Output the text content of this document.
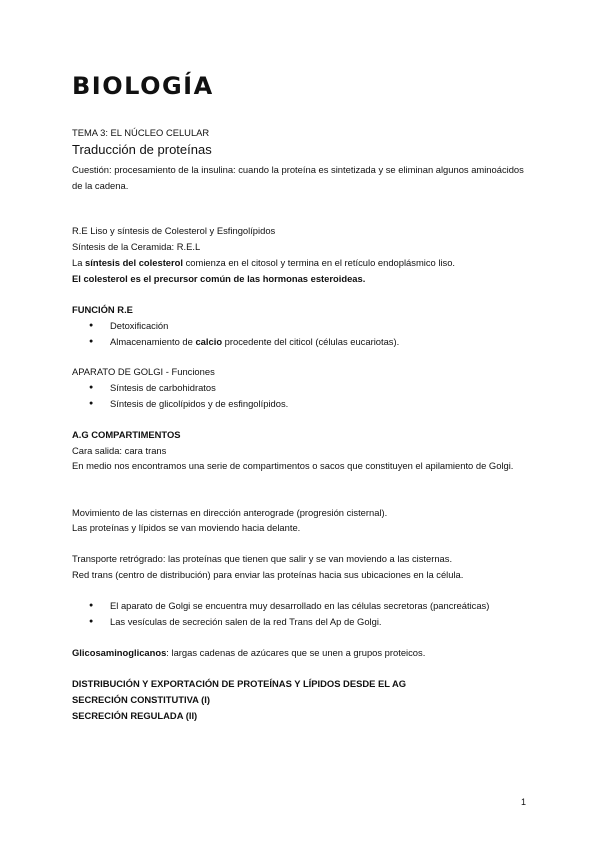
BIOLOGÍA

TEMA 3: EL NÚCLEO CELULAR

Traducción de proteínas

Cuestión: procesamiento de la insulina: cuando la proteína es sintetizada y se eliminan algunos aminoácidos de la cadena.

R.E Liso y síntesis de Colesterol y Esfingolípidos

Síntesis de la Ceramida: R.E.L

La síntesis del colesterol comienza en el citosol y termina en el retículo endoplásmico liso.

El colesterol es el precursor común de las hormonas esteroideas.

FUNCIÓN R.E

● Detoxificación
● Almacenamiento de calcio procedente del citicol (células eucariotas).

APARATO DE GOLGI - Funciones

● Síntesis de carbohidratos
● Síntesis de glicolípidos y de esfingolípidos.

A.G COMPARTIMENTOS

Cara salida: cara trans

En medio nos encontramos una serie de compartimentos o sacos que constituyen el apilamiento de Golgi.

Movimiento de las cisternas en dirección anterograde (progresión cisternal).

Las proteínas y lípidos se van moviendo hacia delante.

Transporte retrógrado: las proteínas que tienen que salir y se van moviendo a las cisternas.

Red trans (centro de distribución) para enviar las proteínas hacia sus ubicaciones en la célula.

● El aparato de Golgi se encuentra muy desarrollado en las células secretoras (pancreáticas)
● Las vesículas de secreción salen de la red Trans del Ap de Golgi.

Glicosaminoglicanos: largas cadenas de azúcares que se unen a grupos proteicos.

DISTRIBUCIÓN Y EXPORTACIÓN DE PROTEÍNAS Y LÍPIDOS DESDE EL AG

SECRECIÓN CONSTITUTIVA (I)

SECRECIÓN REGULADA (II)

1
